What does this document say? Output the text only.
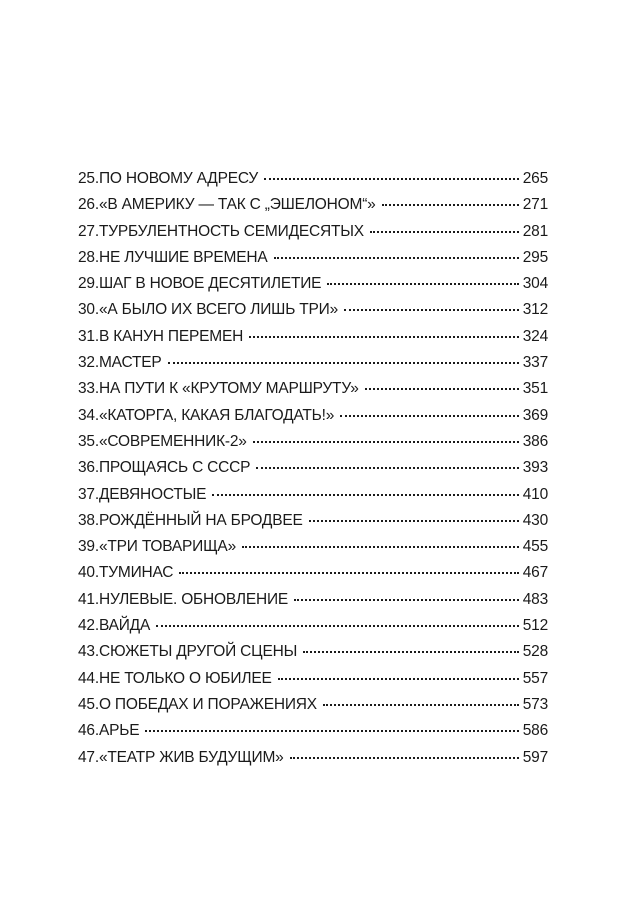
25.ПО НОВОМУ АДРЕСУ	265
26.«В АМЕРИКУ — ТАК С „ЭШЕЛОНОМ“»	271
27.ТУРБУЛЕНТНОСТЬ СЕМИДЕСЯТЫХ	281
28.НЕ ЛУЧШИЕ ВРЕМЕНА	295
29.ШАГ В НОВОЕ ДЕСЯТИЛЕТИЕ	304
30.«А БЫЛО ИХ ВСЕГО ЛИШЬ ТРИ»	312
31.В КАНУН ПЕРЕМЕН	324
32.МАСТЕР	337
33.НА ПУТИ К «КРУТОМУ МАРШРУТУ»	351
34.«КАТОРГА, КАКАЯ БЛАГОДАТЬ!»	369
35.«СОВРЕМЕННИК-2»	386
36.ПРОЩАЯСЬ С СССР	393
37.ДЕВЯНОСТЫЕ	410
38.РОЖДЁННЫЙ НА БРОДВЕЕ	430
39.«ТРИ ТОВАРИЩА»	455
40.ТУМИНАС	467
41.НУЛЕВЫЕ. ОБНОВЛЕНИЕ	483
42.ВАЙДА	512
43.СЮЖЕТЫ ДРУГОЙ СЦЕНЫ	528
44.НЕ ТОЛЬКО О ЮБИЛЕЕ	557
45.О ПОБЕДАХ И ПОРАЖЕНИЯХ	573
46.АРЬЕ	586
47.«ТЕАТР ЖИВ БУДУЩИМ»	597
